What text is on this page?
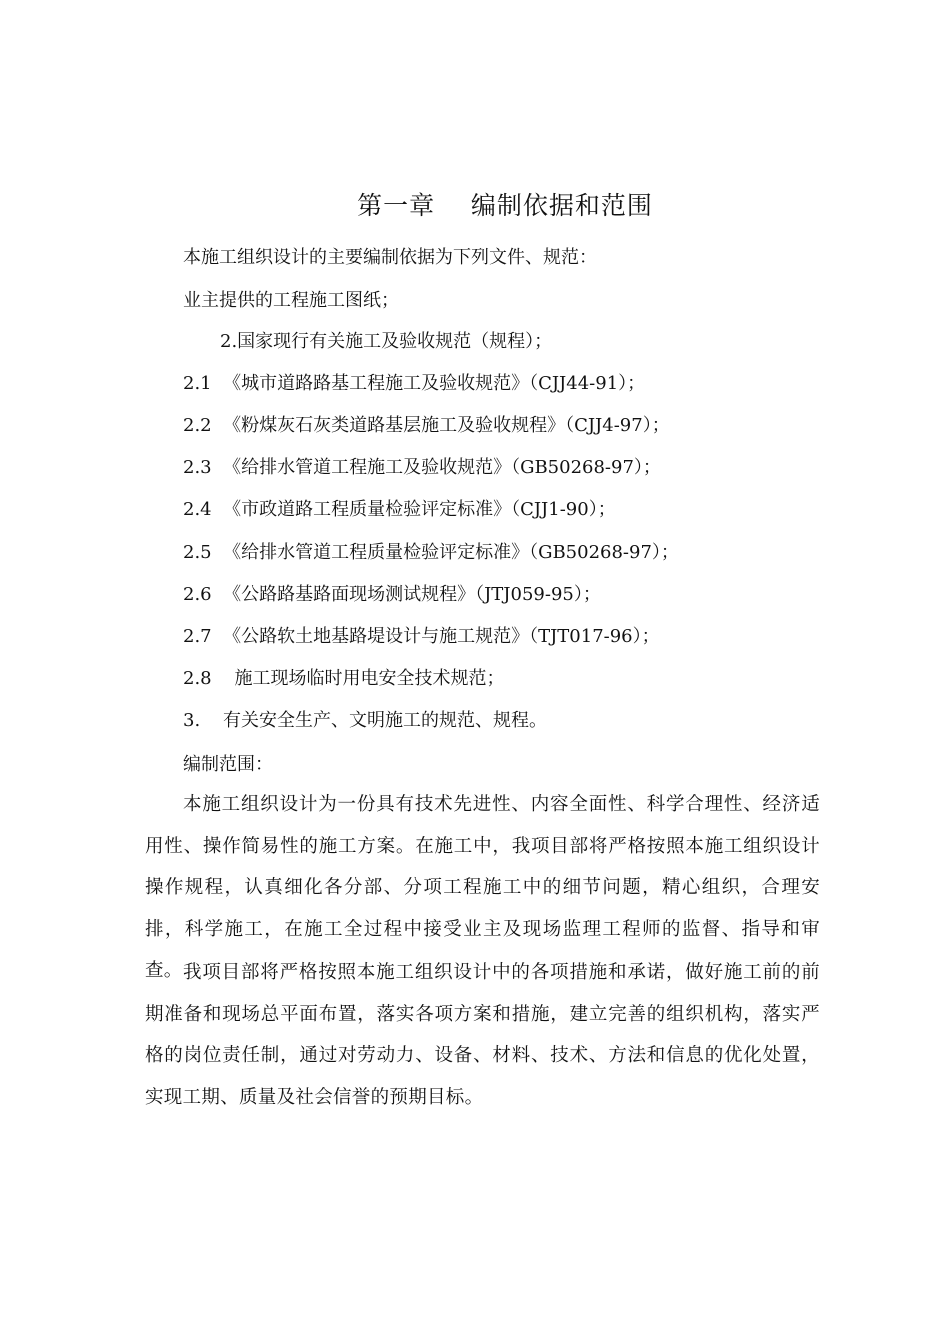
第一章    编制依据和范围
本施工组织设计的主要编制依据为下列文件、规范：
业主提供的工程施工图纸；
2.国家现行有关施工及验收规范（规程）；
2.1  《城市道路路基工程施工及验收规范》（CJJ44-91）；
2.2  《粉煤灰石灰类道路基层施工及验收规程》（CJJ4-97）；
2.3  《给排水管道工程施工及验收规范》（GB50268-97）；
2.4  《市政道路工程质量检验评定标准》（CJJ1-90）；
2.5  《给排水管道工程质量检验评定标准》（GB50268-97）；
2.6  《公路路基路面现场测试规程》（JTJ059-95）；
2.7  《公路软土地基路堤设计与施工规范》（TJT017-96）；
2.8    施工现场临时用电安全技术规范；
3.    有关安全生产、文明施工的规范、规程。
编制范围：
本施工组织设计为一份具有技术先进性、内容全面性、科学合理性、经济适用性、操作简易性的施工方案。在施工中，我项目部将严格按照本施工组织设计操作规程，认真细化各分部、分项工程施工中的细节问题，精心组织，合理安排，科学施工，在施工全过程中接受业主及现场监理工程师的监督、指导和审查。 我项目部将严格按照本施工组织设计中的各项措施和承诺，做好施工前的前期准备和现场总平面布置，落实各项方案和措施，建立完善的组织机构，落实严格的岗位责任制，通过对劳动力、设备、材料、技术、方法和信息的优化处置，实现工期、质量及社会信誉的预期目标。
